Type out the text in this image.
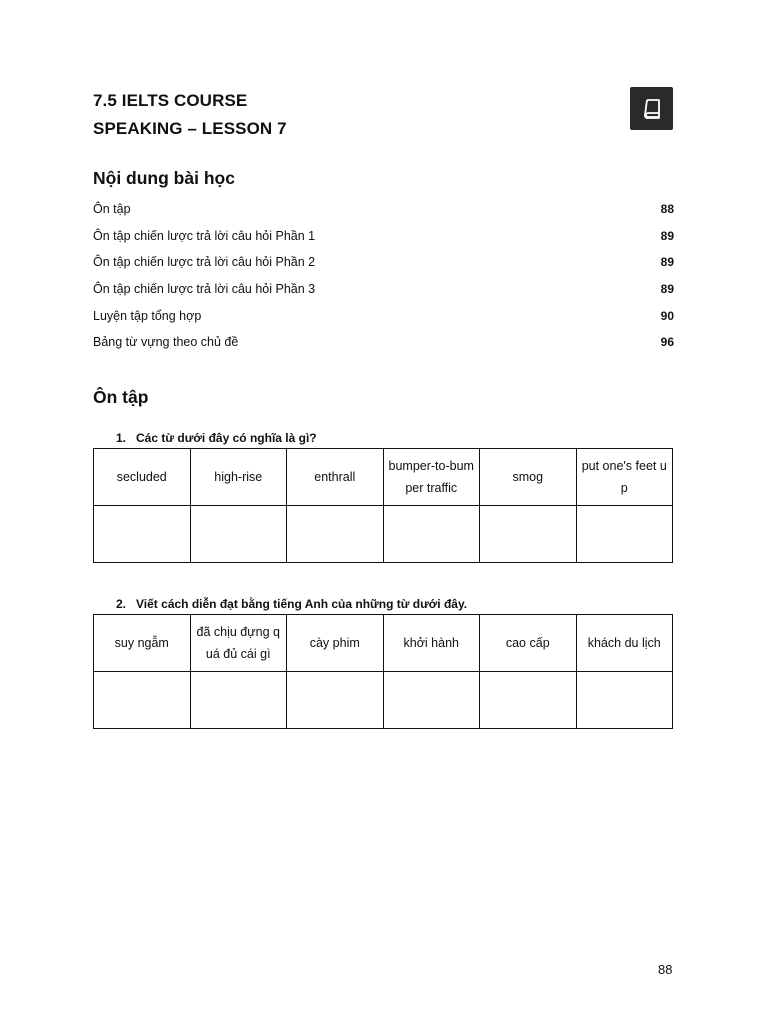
7.5 IELTS COURSE
SPEAKING – LESSON 7
Nội dung bài học
Ôn tập	88
Ôn tập chiến lược trả lời câu hỏi Phần 1	89
Ôn tập chiến lược trả lời câu hỏi Phần 2	89
Ôn tập chiến lược trả lời câu hỏi Phần 3	89
Luyện tập tổng hợp	90
Bảng từ vựng theo chủ đề	96
Ôn tập
1. Các từ dưới đây có nghĩa là gì?
secluded	high-rise	enthrall	bumper-to-bumper traffic	smog	put one's feet up

2. Viết cách diễn đạt bằng tiếng Anh của những từ dưới đây.
suy ngẫm	đã chịu đựng quá đủ cái gì	cày phim	khởi hành	cao cấp	khách du lịch

88
